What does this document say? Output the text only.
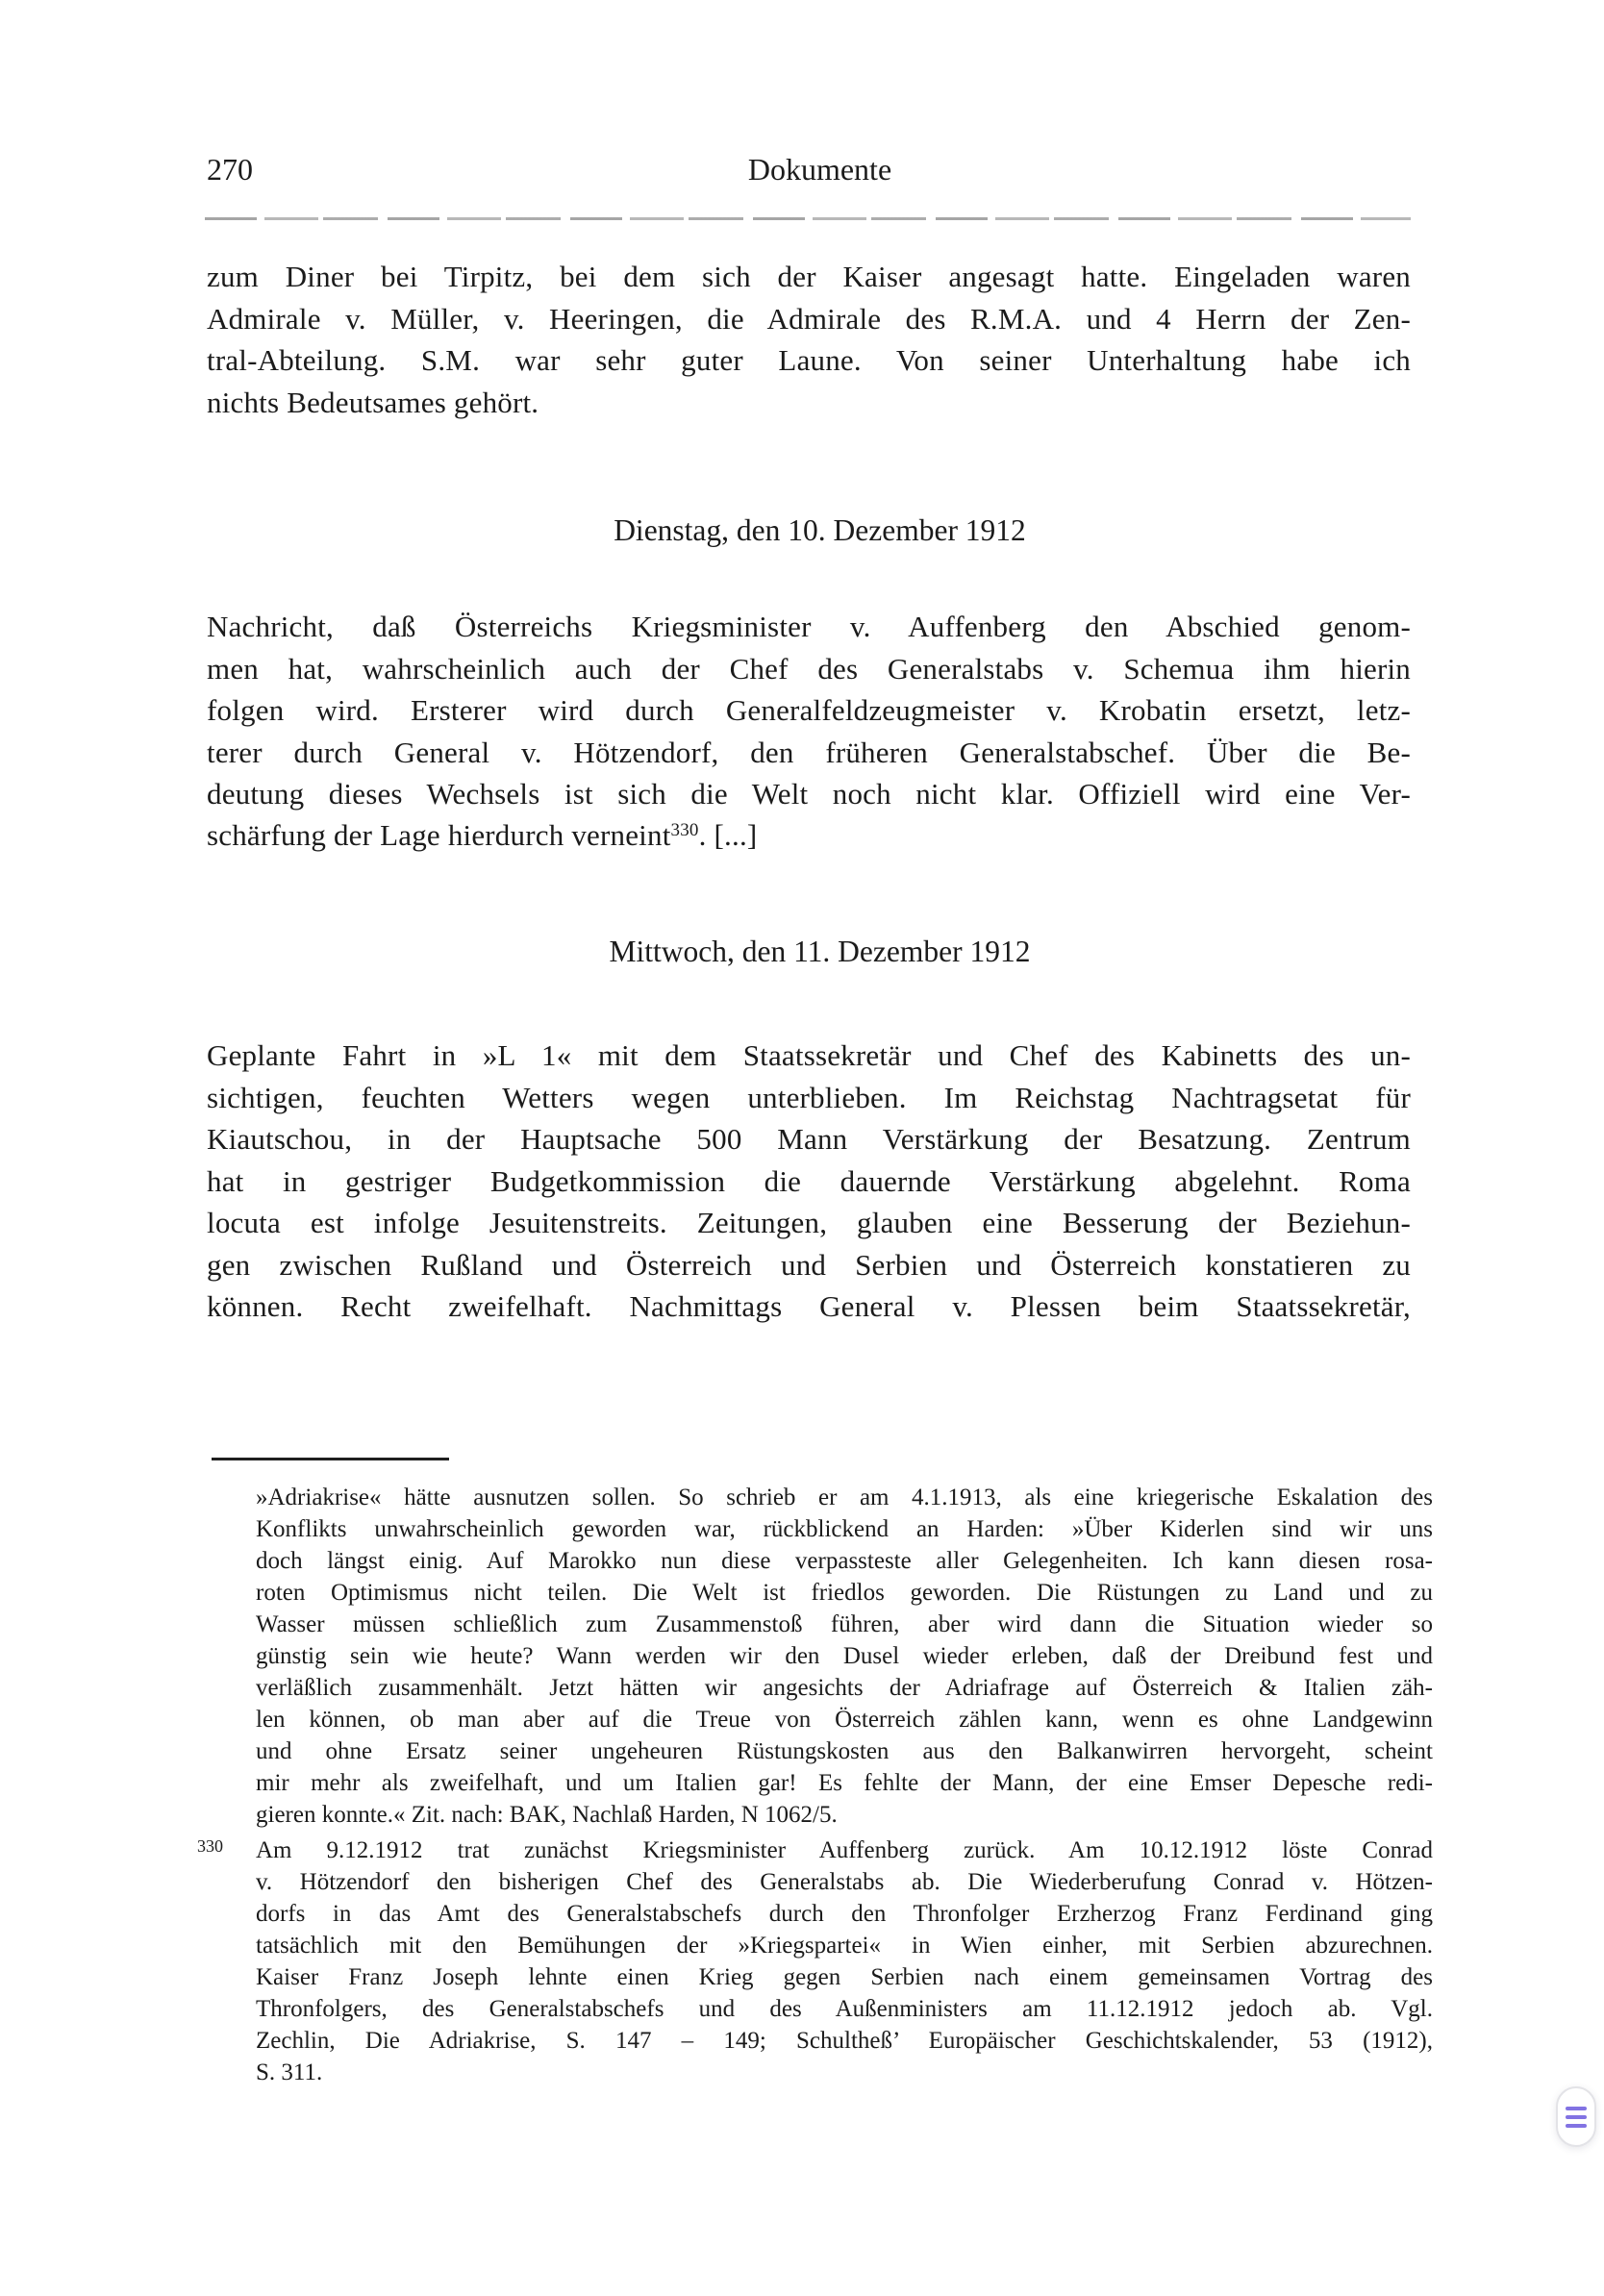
270	Dokumente
zum Diner bei Tirpitz, bei dem sich der Kaiser angesagt hatte. Eingeladen waren
Admirale v. Müller, v. Heeringen, die Admirale des R.M.A. und 4 Herrn der Zen-
tral-Abteilung. S.M. war sehr guter Laune. Von seiner Unterhaltung habe ich
nichts Bedeutsames gehört.
Dienstag, den 10. Dezember 1912
Nachricht, daß Österreichs Kriegsminister v. Auffenberg den Abschied genom-
men hat, wahrscheinlich auch der Chef des Generalstabs v. Schemua ihm hierin
folgen wird. Ersterer wird durch Generalfeldzeugmeister v. Krobatin ersetzt, letz-
terer durch General v. Hötzendorf, den früheren Generalstabschef. Über die Be-
deutung dieses Wechsels ist sich die Welt noch nicht klar. Offiziell wird eine Ver-
schärfung der Lage hierdurch verneint$^{330}$. [...]
Mittwoch, den 11. Dezember 1912
Geplante Fahrt in »L 1« mit dem Staatssekretär und Chef des Kabinetts des un-
sichtigen, feuchten Wetters wegen unterblieben. Im Reichstag Nachtragsetat für
Kiautschou, in der Hauptsache 500 Mann Verstärkung der Besatzung. Zentrum
hat in gestriger Budgetkommission die dauernde Verstärkung abgelehnt. Roma
locuta est infolge Jesuitenstreits. Zeitungen, glauben eine Besserung der Beziehun-
gen zwischen Rußland und Österreich und Serbien und Österreich konstatieren zu
können. Recht zweifelhaft. Nachmittags General v. Plessen beim Staatssekretär,
»Adriakrise« hätte ausnutzen sollen. So schrieb er am 4.1.1913, als eine kriegerische Eskalation des
Konflikts unwahrscheinlich geworden war, rückblickend an Harden: »Über Kiderlen sind wir uns
doch längst einig. Auf Marokko nun diese verpassteste aller Gelegenheiten. Ich kann diesen rosa-
roten Optimismus nicht teilen. Die Welt ist friedlos geworden. Die Rüstungen zu Land und zu
Wasser müssen schließlich zum Zusammenstoß führen, aber wird dann die Situation wieder so
günstig sein wie heute? Wann werden wir den Dusel wieder erleben, daß der Dreibund fest und
verläßlich zusammenhält. Jetzt hätten wir angesichts der Adriafrage auf Österreich & Italien zäh-
len können, ob man aber auf die Treue von Österreich zählen kann, wenn es ohne Landgewinn
und ohne Ersatz seiner ungeheuren Rüstungskosten aus den Balkanwirren hervorgeht, scheint
mir mehr als zweifelhaft, und um Italien gar! Es fehlte der Mann, der eine Emser Depesche redi-
gieren konnte.« Zit. nach: BAK, Nachlaß Harden, N 1062/5.
330 Am 9.12.1912 trat zunächst Kriegsminister Auffenberg zurück. Am 10.12.1912 löste Conrad
v. Hötzendorf den bisherigen Chef des Generalstabs ab. Die Wiederberufung Conrad v. Hötzen-
dorfs in das Amt des Generalstabschefs durch den Thronfolger Erzherzog Franz Ferdinand ging
tatsächlich mit den Bemühungen der »Kriegspartei« in Wien einher, mit Serbien abzurechnen.
Kaiser Franz Joseph lehnte einen Krieg gegen Serbien nach einem gemeinsamen Vortrag des
Thronfolgers, des Generalstabschefs und des Außenministers am 11.12.1912 jedoch ab. Vgl.
Zechlin, Die Adriakrise, S. 147 – 149; Schultheß’ Europäischer Geschichtskalender, 53 (1912),
S. 311.
